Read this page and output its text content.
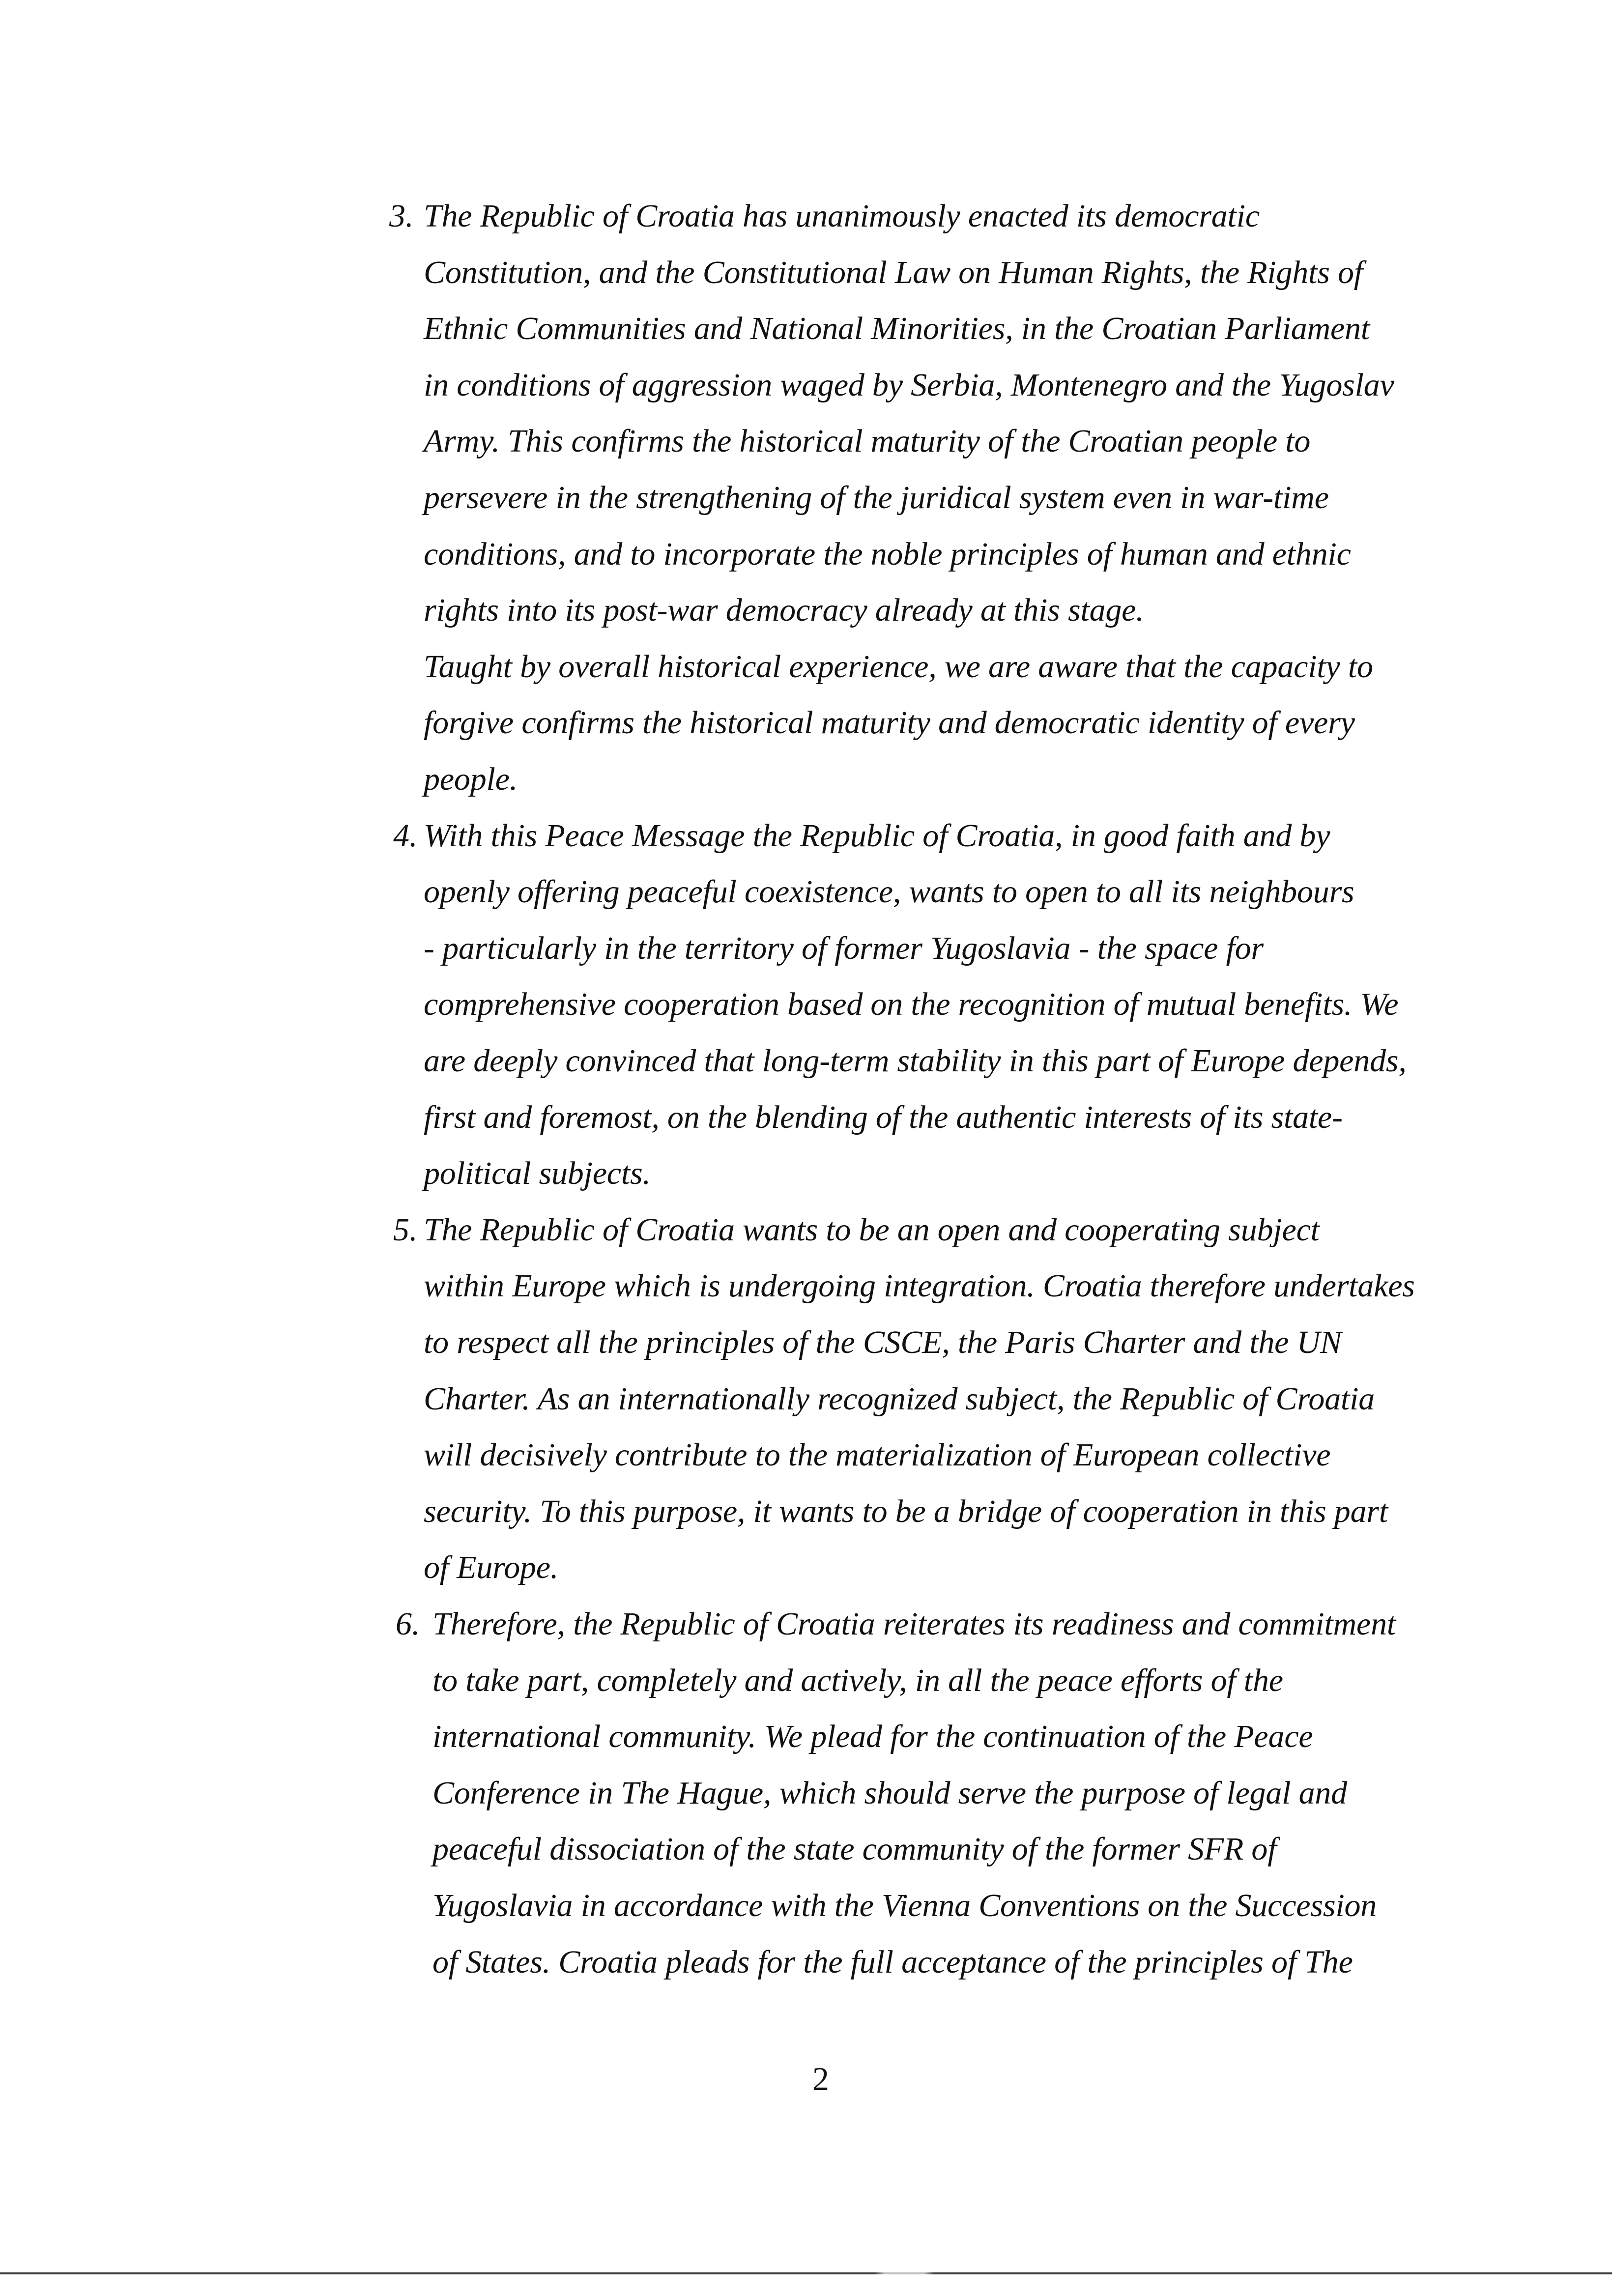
3. The Republic of Croatia has unanimously enacted its democratic
Constitution, and the Constitutional Law on Human Rights, the Rights of
Ethnic Communities and National Minorities, in the Croatian Parliament
in conditions of aggression waged by Serbia, Montenegro and the Yugoslav
Army. This confirms the historical maturity of the Croatian people to
persevere in the strengthening of the juridical system even in war-time
conditions, and to incorporate the noble principles of human and ethnic
rights into its post-war democracy already at this stage.
Taught by overall historical experience, we are aware that the capacity to
forgive confirms the historical maturity and democratic identity of every
people.
4. With this Peace Message the Republic of Croatia, in good faith and by
openly offering peaceful coexistence, wants to open to all its neighbours
- particularly in the territory of former Yugoslavia - the space for
comprehensive cooperation based on the recognition of mutual benefits. We
are deeply convinced that long-term stability in this part of Europe depends,
first and foremost, on the blending of the authentic interests of its state-
political subjects.
5. The Republic of Croatia wants to be an open and cooperating subject
within Europe which is undergoing integration. Croatia therefore undertakes
to respect all the principles of the CSCE, the Paris Charter and the UN
Charter. As an internationally recognized subject, the Republic of Croatia
will decisively contribute to the materialization of European collective
security. To this purpose, it wants to be a bridge of cooperation in this part
of Europe.
6. Therefore, the Republic of Croatia reiterates its readiness and commitment
to take part, completely and actively, in all the peace efforts of the
international community. We plead for the continuation of the Peace
Conference in The Hague, which should serve the purpose of legal and
peaceful dissociation of the state community of the former SFR of
Yugoslavia in accordance with the Vienna Conventions on the Succession
of States. Croatia pleads for the full acceptance of the principles of The
2
